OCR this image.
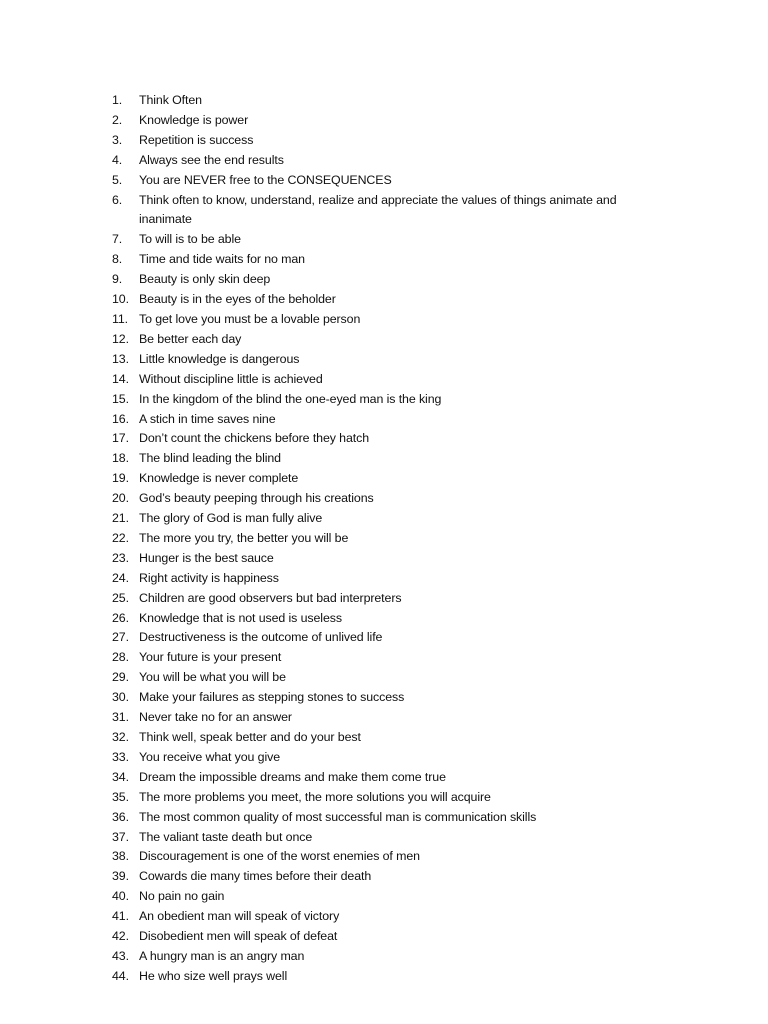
1.	Think Often
2.	Knowledge is power
3.	Repetition is success
4.	Always see the end results
5.	You are NEVER free to the CONSEQUENCES
6.	Think often to know, understand, realize and appreciate the values of things animate and inanimate
7.	To will is to be able
8.	Time and tide waits for no man
9.	Beauty is only skin deep
10. Beauty is in the eyes of the beholder
11. To get love you must be a lovable person
12. Be better each day
13. Little knowledge is dangerous
14. Without discipline little is achieved
15. In the kingdom of the blind the one-eyed man is the king
16. A stich in time saves nine
17. Don’t count the chickens before they hatch
18. The blind leading the blind
19. Knowledge is never complete
20. God’s beauty peeping through his creations
21. The glory of God is man fully alive
22. The more you try, the better you will be
23. Hunger is the best sauce
24. Right activity is happiness
25. Children are good observers but bad interpreters
26. Knowledge that is not used is useless
27. Destructiveness is the outcome of unlived life
28. Your future is your present
29. You will be what you will be
30. Make your failures as stepping stones to success
31. Never take no for an answer
32. Think well, speak better and do your best
33. You receive what you give
34. Dream the impossible dreams and make them come true
35. The more problems you meet, the more solutions you will acquire
36. The most common quality of most successful man is communication skills
37. The valiant taste death but once
38. Discouragement is one of the worst enemies of men
39. Cowards die many times before their death
40. No pain no gain
41. An obedient man will speak of victory
42. Disobedient men will speak of defeat
43. A hungry man is an angry man
44. He who size well prays well
